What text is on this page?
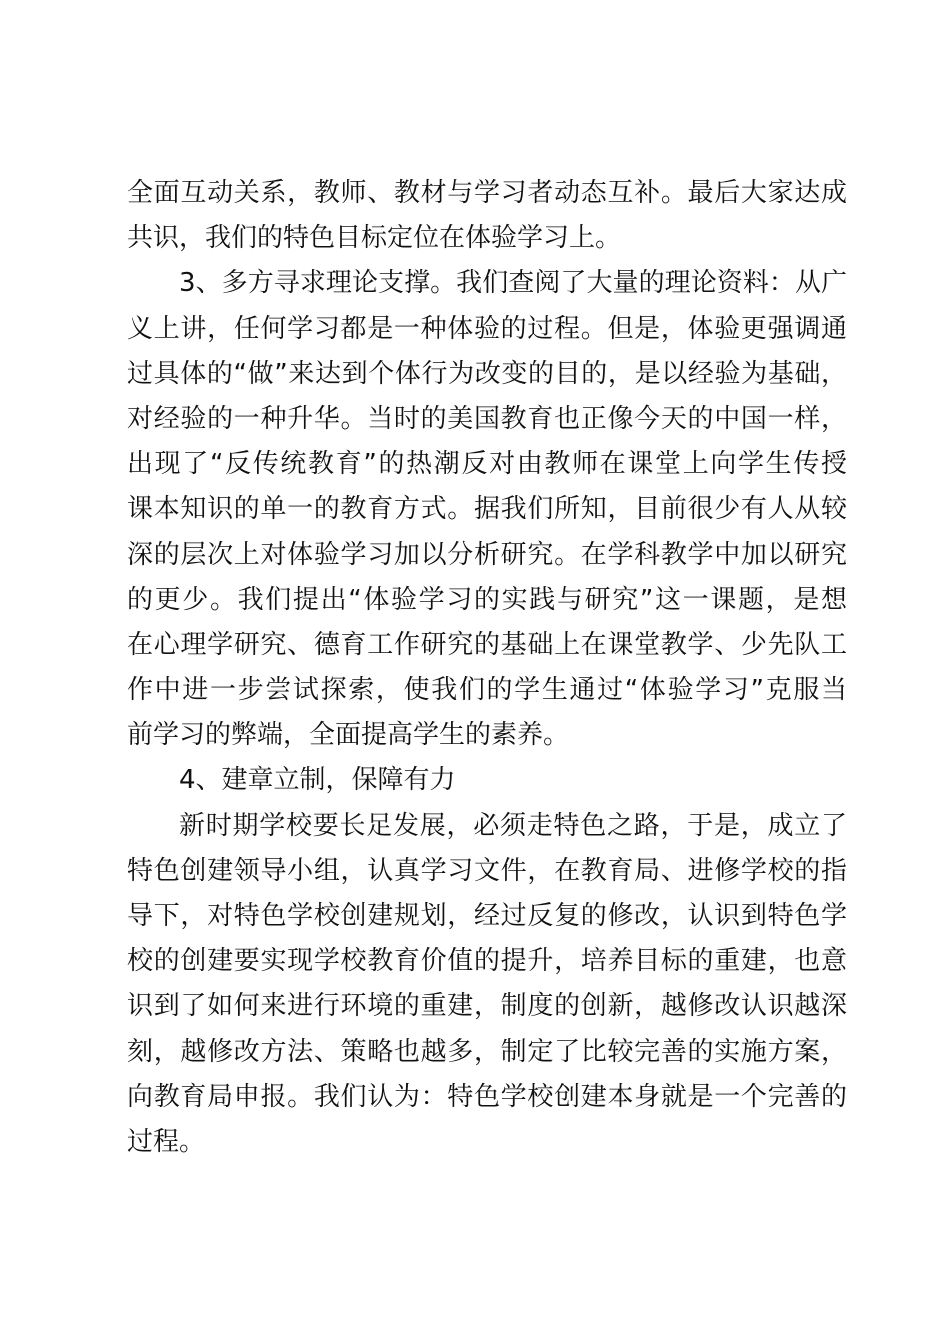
全面互动关系，教师、教材与学习者动态互补。最后大家达成
共识，我们的特色目标定位在体验学习上。
3、多方寻求理论支撑。我们查阅了大量的理论资料：从广
义上讲，任何学习都是一种体验的过程。但是，体验更强调通
过具体的“做”来达到个体行为改变的目的，是以经验为基础，
对经验的一种升华。当时的美国教育也正像今天的中国一样，
出现了“反传统教育”的热潮反对由教师在课堂上向学生传授
课本知识的单一的教育方式。据我们所知，目前很少有人从较
深的层次上对体验学习加以分析研究。在学科教学中加以研究
的更少。我们提出“体验学习的实践与研究”这一课题，是想
在心理学研究、德育工作研究的基础上在课堂教学、少先队工
作中进一步尝试探索，使我们的学生通过“体验学习”克服当
前学习的弊端，全面提高学生的素养。
4、建章立制，保障有力
新时期学校要长足发展，必须走特色之路，于是，成立了
特色创建领导小组，认真学习文件，在教育局、进修学校的指
导下，对特色学校创建规划，经过反复的修改，认识到特色学
校的创建要实现学校教育价值的提升，培养目标的重建，也意
识到了如何来进行环境的重建，制度的创新，越修改认识越深
刻，越修改方法、策略也越多，制定了比较完善的实施方案，
向教育局申报。我们认为：特色学校创建本身就是一个完善的
过程。
